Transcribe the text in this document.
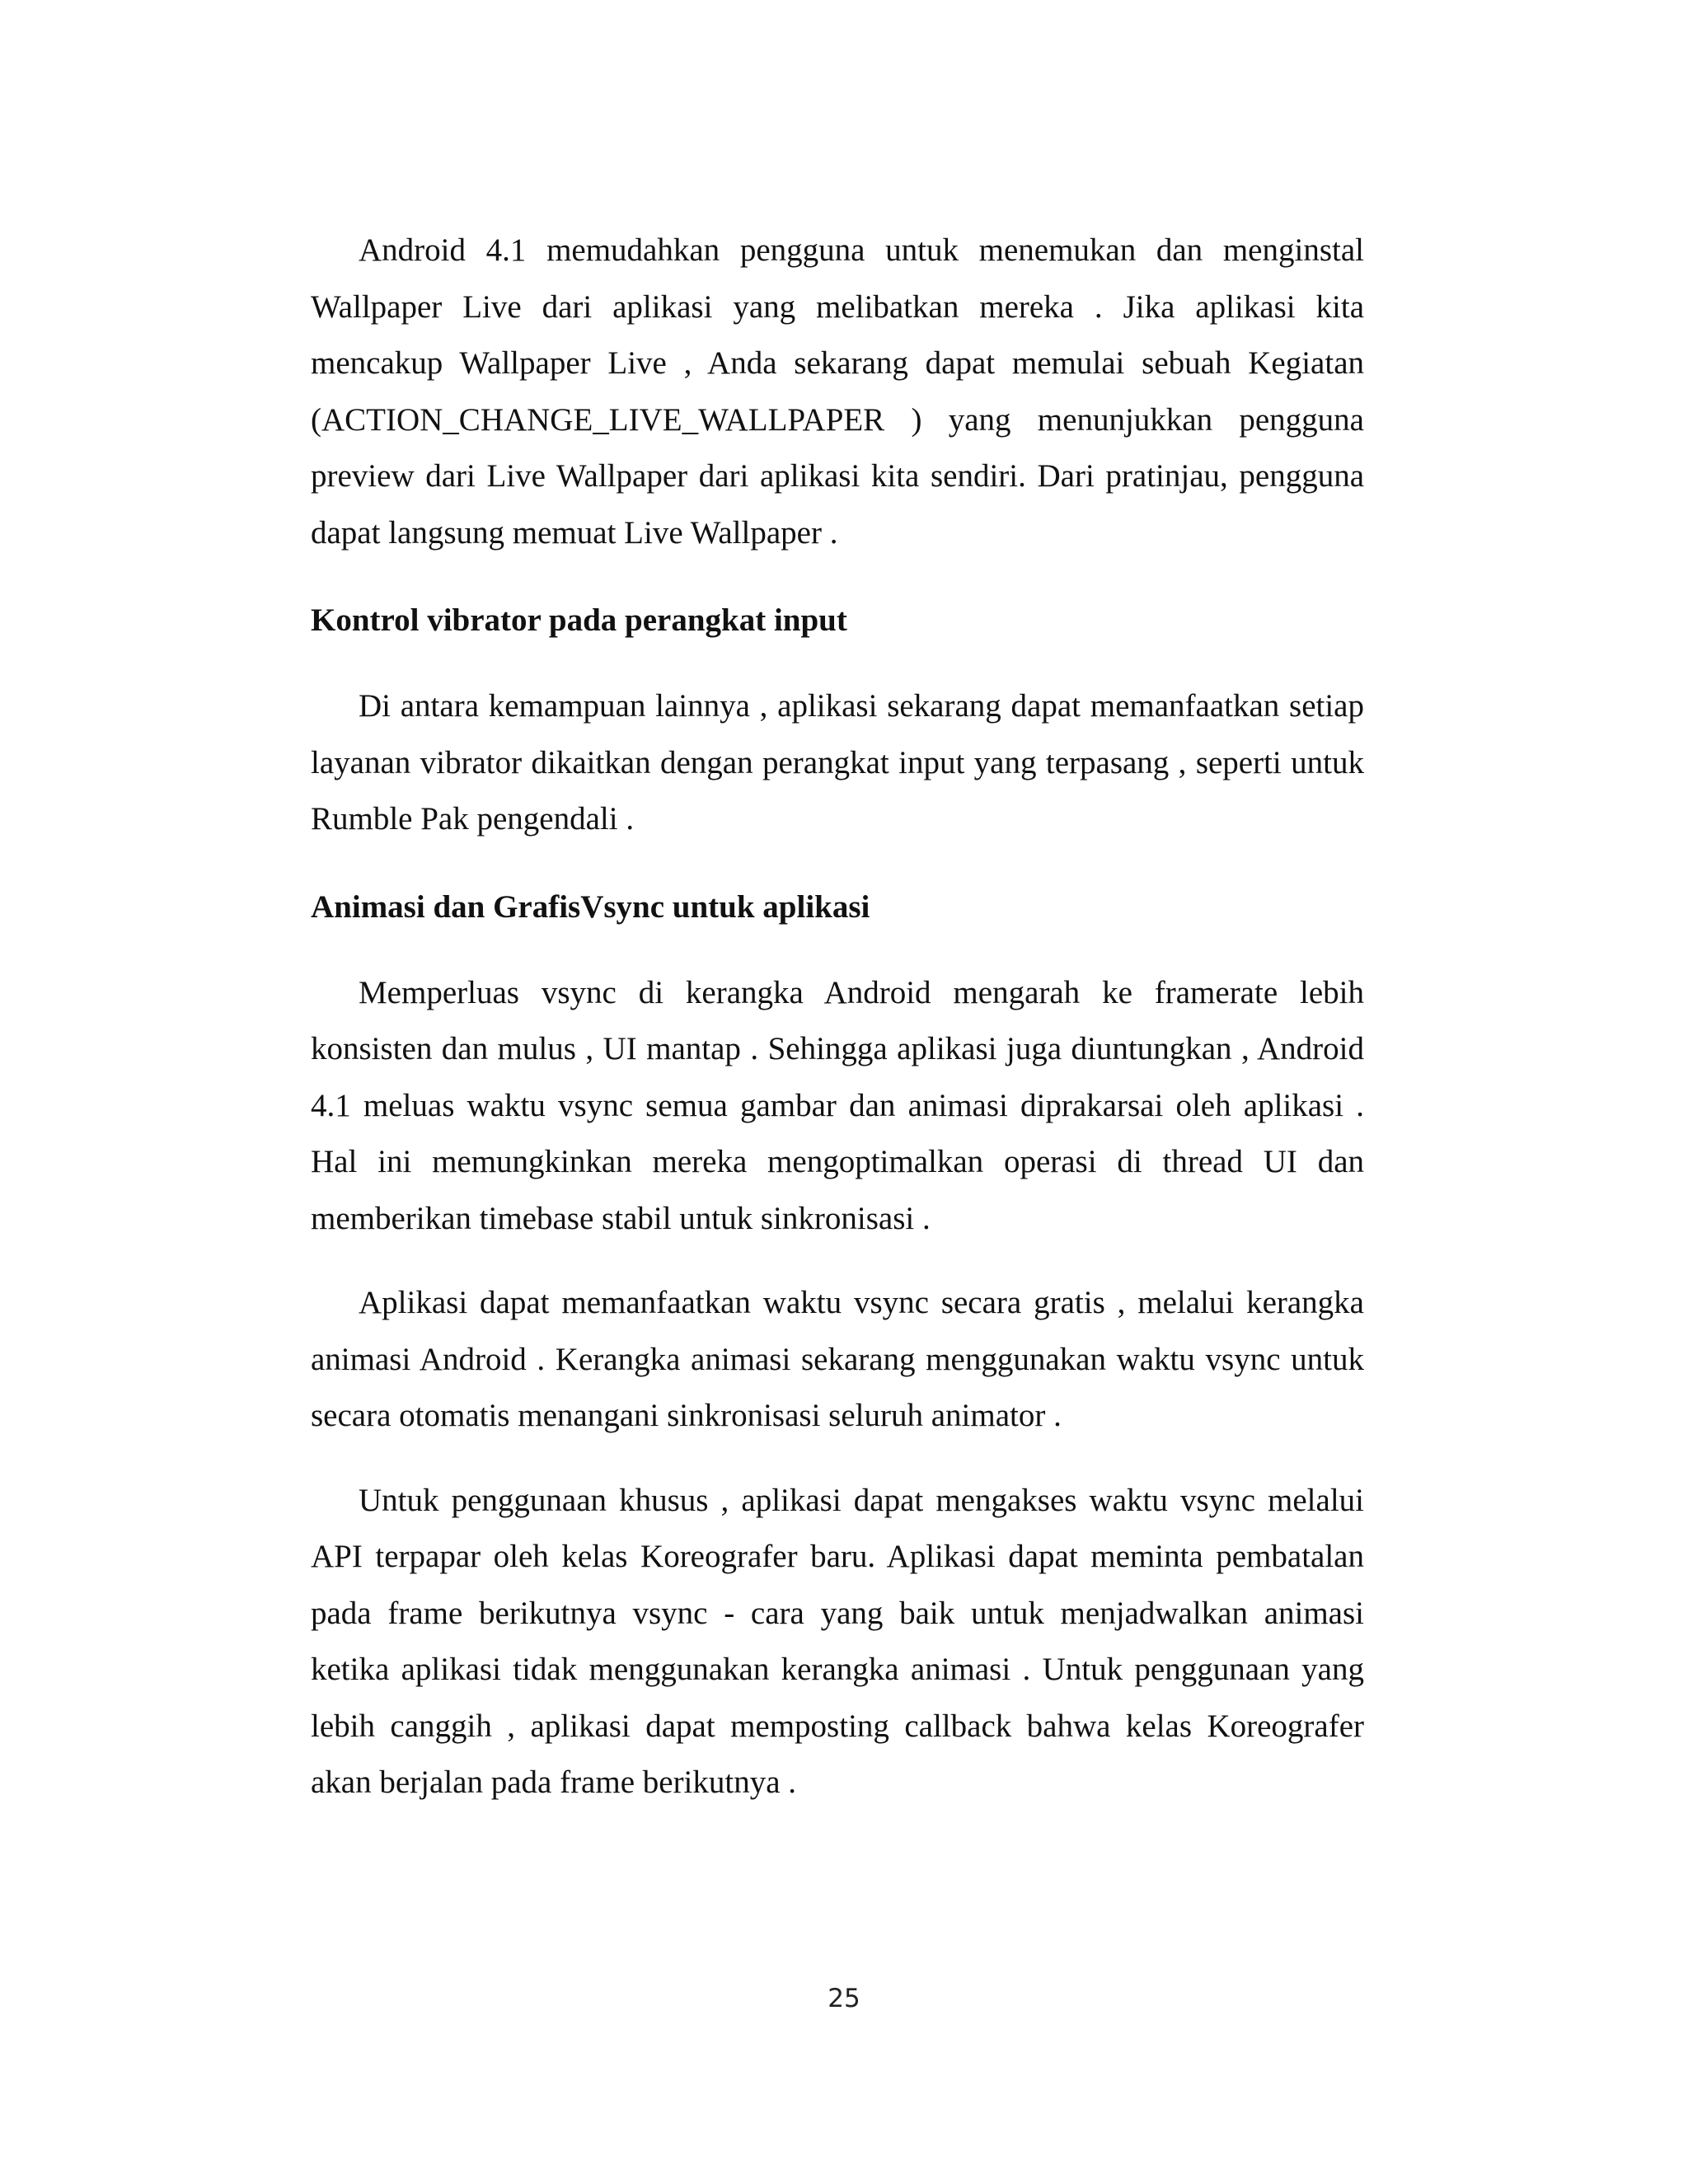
Android 4.1 memudahkan pengguna untuk menemukan dan menginstal Wallpaper Live dari aplikasi yang melibatkan mereka . Jika aplikasi kita mencakup Wallpaper Live , Anda sekarang dapat memulai sebuah Kegiatan (ACTION_CHANGE_LIVE_WALLPAPER ) yang menunjukkan pengguna preview dari Live Wallpaper dari aplikasi kita sendiri. Dari pratinjau, pengguna dapat langsung memuat Live Wallpaper .

Kontrol vibrator pada perangkat input

Di antara kemampuan lainnya , aplikasi sekarang dapat memanfaatkan setiap layanan vibrator dikaitkan dengan perangkat input yang terpasang , seperti untuk Rumble Pak pengendali .

Animasi dan GrafisVsync untuk aplikasi

Memperluas vsync di kerangka Android mengarah ke framerate lebih konsisten dan mulus , UI mantap . Sehingga aplikasi juga diuntungkan , Android 4.1 meluas waktu vsync semua gambar dan animasi diprakarsai oleh aplikasi . Hal ini memungkinkan mereka mengoptimalkan operasi di thread UI dan memberikan timebase stabil untuk sinkronisasi .

Aplikasi dapat memanfaatkan waktu vsync secara gratis , melalui kerangka animasi Android . Kerangka animasi sekarang menggunakan waktu vsync untuk secara otomatis menangani sinkronisasi seluruh animator .

Untuk penggunaan khusus , aplikasi dapat mengakses waktu vsync melalui API terpapar oleh kelas Koreografer baru. Aplikasi dapat meminta pembatalan pada frame berikutnya vsync - cara yang baik untuk menjadwalkan animasi ketika aplikasi tidak menggunakan kerangka animasi . Untuk penggunaan yang lebih canggih , aplikasi dapat memposting callback bahwa kelas Koreografer akan berjalan pada frame berikutnya .

25
